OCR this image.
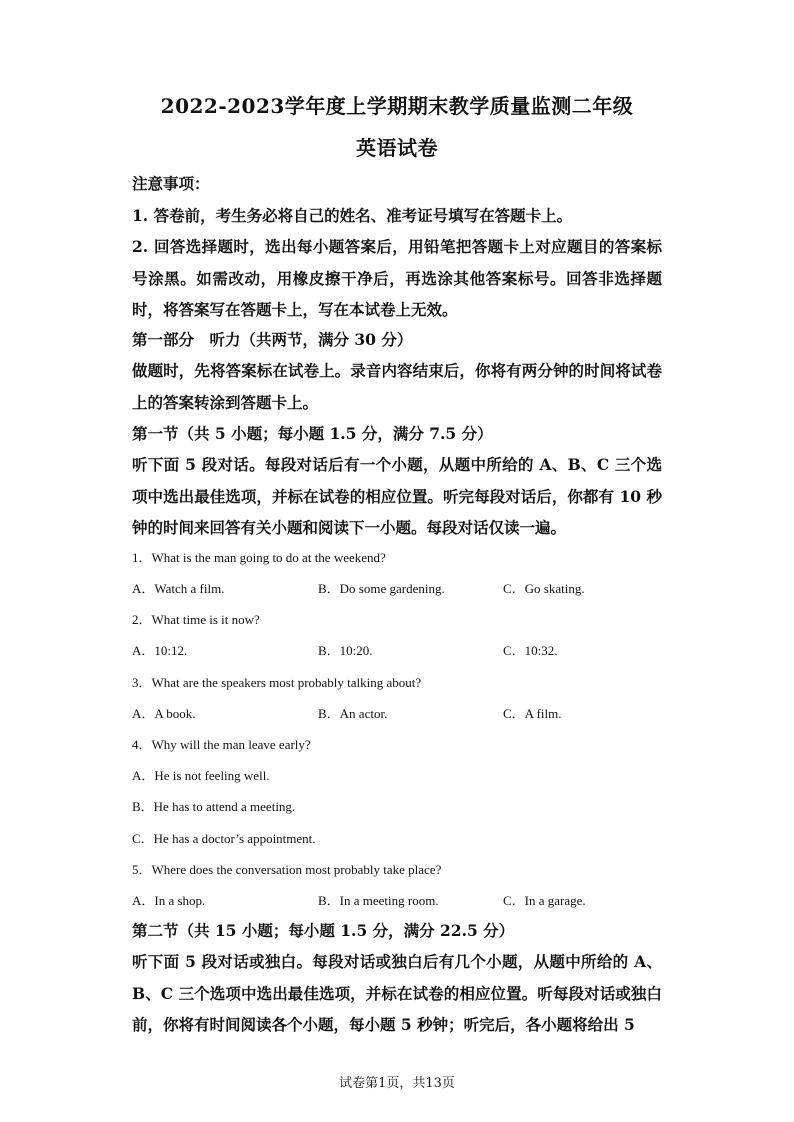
2022-2023学年度上学期期末教学质量监测二年级
英语试卷
注意事项：
1. 答卷前，考生务必将自己的姓名、准考证号填写在答题卡上。
2. 回答选择题时，选出每小题答案后，用铅笔把答题卡上对应题目的答案标号涂黑。如需改动，用橡皮擦干净后，再选涂其他答案标号。回答非选择题时，将答案写在答题卡上，写在本试卷上无效。
第一部分　听力（共两节，满分 30 分）
做题时，先将答案标在试卷上。录音内容结束后，你将有两分钟的时间将试卷上的答案转涂到答题卡上。
第一节（共 5 小题；每小题 1.5 分，满分 7.5 分）
听下面 5 段对话。每段对话后有一个小题，从题中所给的 A、B、C 三个选项中选出最佳选项，并标在试卷的相应位置。听完每段对话后，你都有 10 秒钟的时间来回答有关小题和阅读下一小题。每段对话仅读一遍。
1．What is the man going to do at the weekend?
A．Watch a film.	B．Do some gardening.	C．Go skating.
2．What time is it now?
A．10:12.	B．10:20.	C．10:32.
3．What are the speakers most probably talking about?
A．A book.	B．An actor.	C．A film.
4．Why will the man leave early?
A．He is not feeling well.
B．He has to attend a meeting.
C．He has a doctor’s appointment.
5．Where does the conversation most probably take place?
A．In a shop.	B．In a meeting room.	C．In a garage.
第二节（共 15 小题；每小题 1.5 分，满分 22.5 分）
听下面 5 段对话或独白。每段对话或独白后有几个小题，从题中所给的 A、B、C 三个选项中选出最佳选项，并标在试卷的相应位置。听每段对话或独白前，你将有时间阅读各个小题，每小题 5 秒钟；听完后，各小题将给出 5
试卷第1页，共13页
